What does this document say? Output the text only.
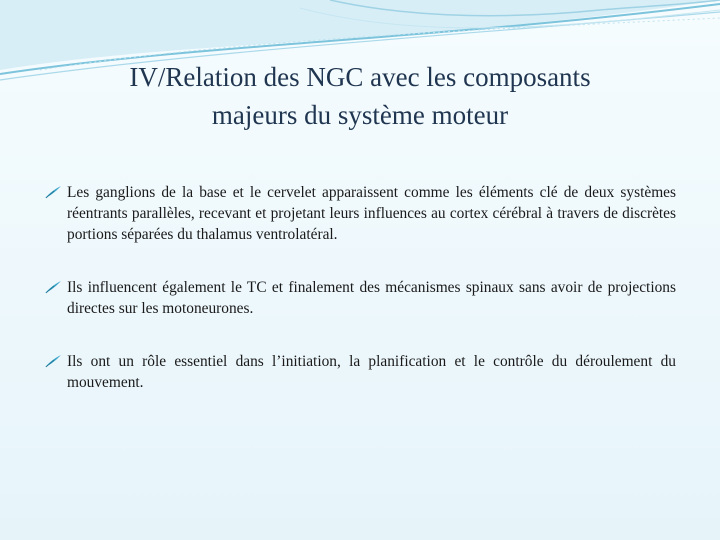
IV/Relation des NGC avec les composants
majeurs du système moteur
Les ganglions de la base et le cervelet apparaissent comme les éléments clé de deux systèmes réentrants parallèles, recevant et projetant leurs influences au cortex cérébral à travers de discrètes portions séparées du thalamus ventrolatéral.
Ils influencent également le TC et finalement des mécanismes spinaux sans avoir de projections directes sur les motoneurones.
Ils ont un rôle essentiel dans l’initiation, la planification et le contrôle du déroulement du mouvement.
